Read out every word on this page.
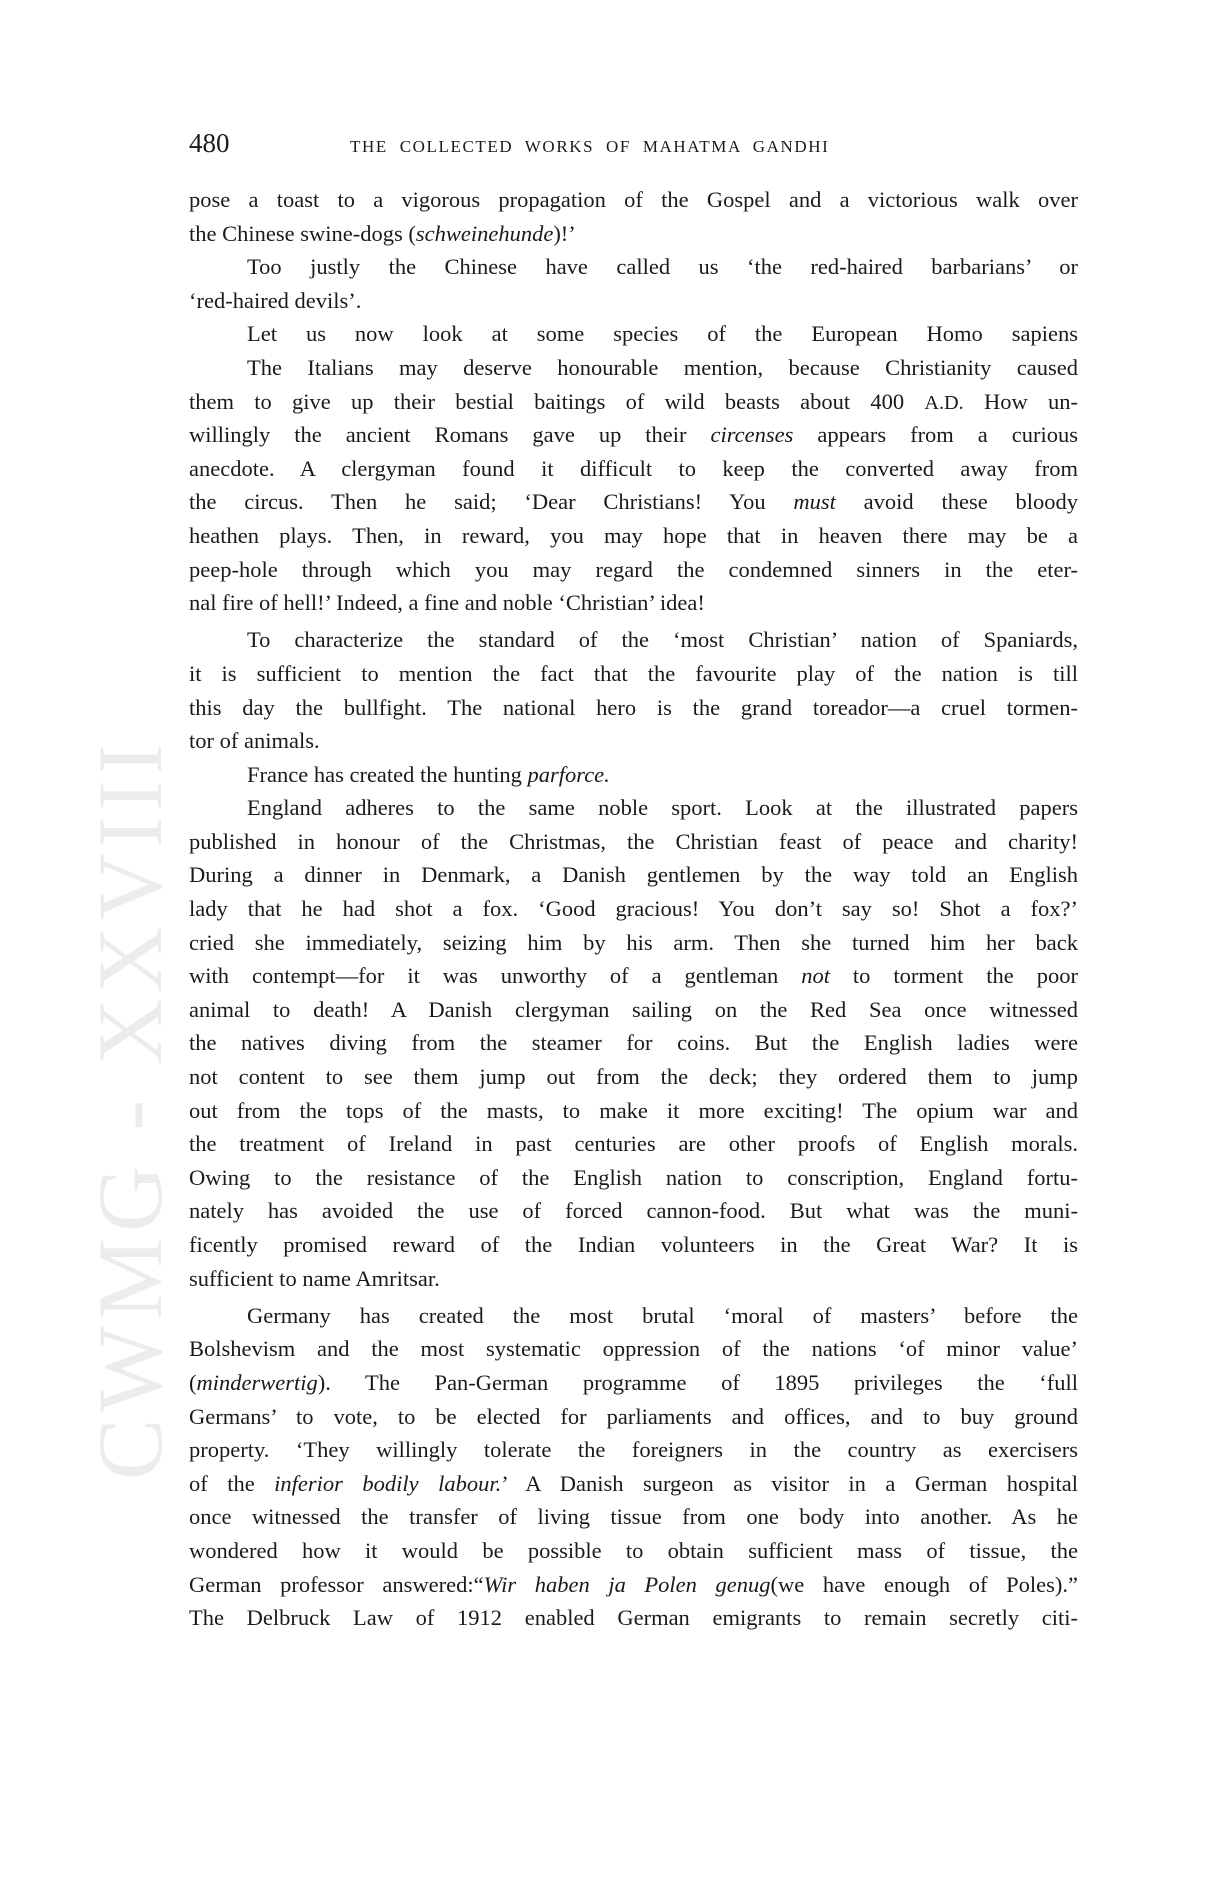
CWMG - XXVIII
480	THE COLLECTED WORKS OF MAHATMA GANDHI
pose a toast to a vigorous propagation of the Gospel and a victorious walk over
the Chinese swine-dogs (schweinehunde)!’
Too justly the Chinese have called us ‘the red-haired barbarians’ or
‘red-haired devils’.
Let us now look at some species of the European Homo sapiens
The Italians may deserve honourable mention, because Christianity caused
them to give up their bestial baitings of wild beasts about 400 A.D. How un-
willingly the ancient Romans gave up their circenses appears from a curious
anecdote. A clergyman found it difficult to keep the converted away from
the circus. Then he said; ‘Dear Christians! You must avoid these bloody
heathen plays. Then, in reward, you may hope that in heaven there may be a
peep-hole through which you may regard the condemned sinners in the eter-
nal fire of hell!’ Indeed, a fine and noble ‘Christian’ idea!
To characterize the standard of the ‘most Christian’ nation of Spaniards,
it is sufficient to mention the fact that the favourite play of the nation is till
this day the bullfight. The national hero is the grand toreador—a cruel tormen-
tor of animals.
France has created the hunting parforce.
England adheres to the same noble sport. Look at the illustrated papers
published in honour of the Christmas, the Christian feast of peace and charity!
During a dinner in Denmark, a Danish gentlemen by the way told an English
lady that he had shot a fox. ‘Good gracious! You don’t say so! Shot a fox?’
cried she immediately, seizing him by his arm. Then she turned him her back
with contempt—for it was unworthy of a gentleman not to torment the poor
animal to death! A Danish clergyman sailing on the Red Sea once witnessed
the natives diving from the steamer for coins. But the English ladies were
not content to see them jump out from the deck; they ordered them to jump
out from the tops of the masts, to make it more exciting! The opium war and
the treatment of Ireland in past centuries are other proofs of English morals.
Owing to the resistance of the English nation to conscription, England fortu-
nately has avoided the use of forced cannon-food. But what was the muni-
ficently promised reward of the Indian volunteers in the Great War? It is
sufficient to name Amritsar.
Germany has created the most brutal ‘moral of masters’ before the
Bolshevism and the most systematic oppression of the nations ‘of minor value’
(minderwertig). The Pan-German programme of 1895 privileges the ‘full
Germans’ to vote, to be elected for parliaments and offices, and to buy ground
property. ‘They willingly tolerate the foreigners in the country as exercisers
of the inferior bodily labour.’ A Danish surgeon as visitor in a German hospital
once witnessed the transfer of living tissue from one body into another. As he
wondered how it would be possible to obtain sufficient mass of tissue, the
German professor answered:“Wir haben ja Polen genug(we have enough of Poles).”
The Delbruck Law of 1912 enabled German emigrants to remain secretly citi-
